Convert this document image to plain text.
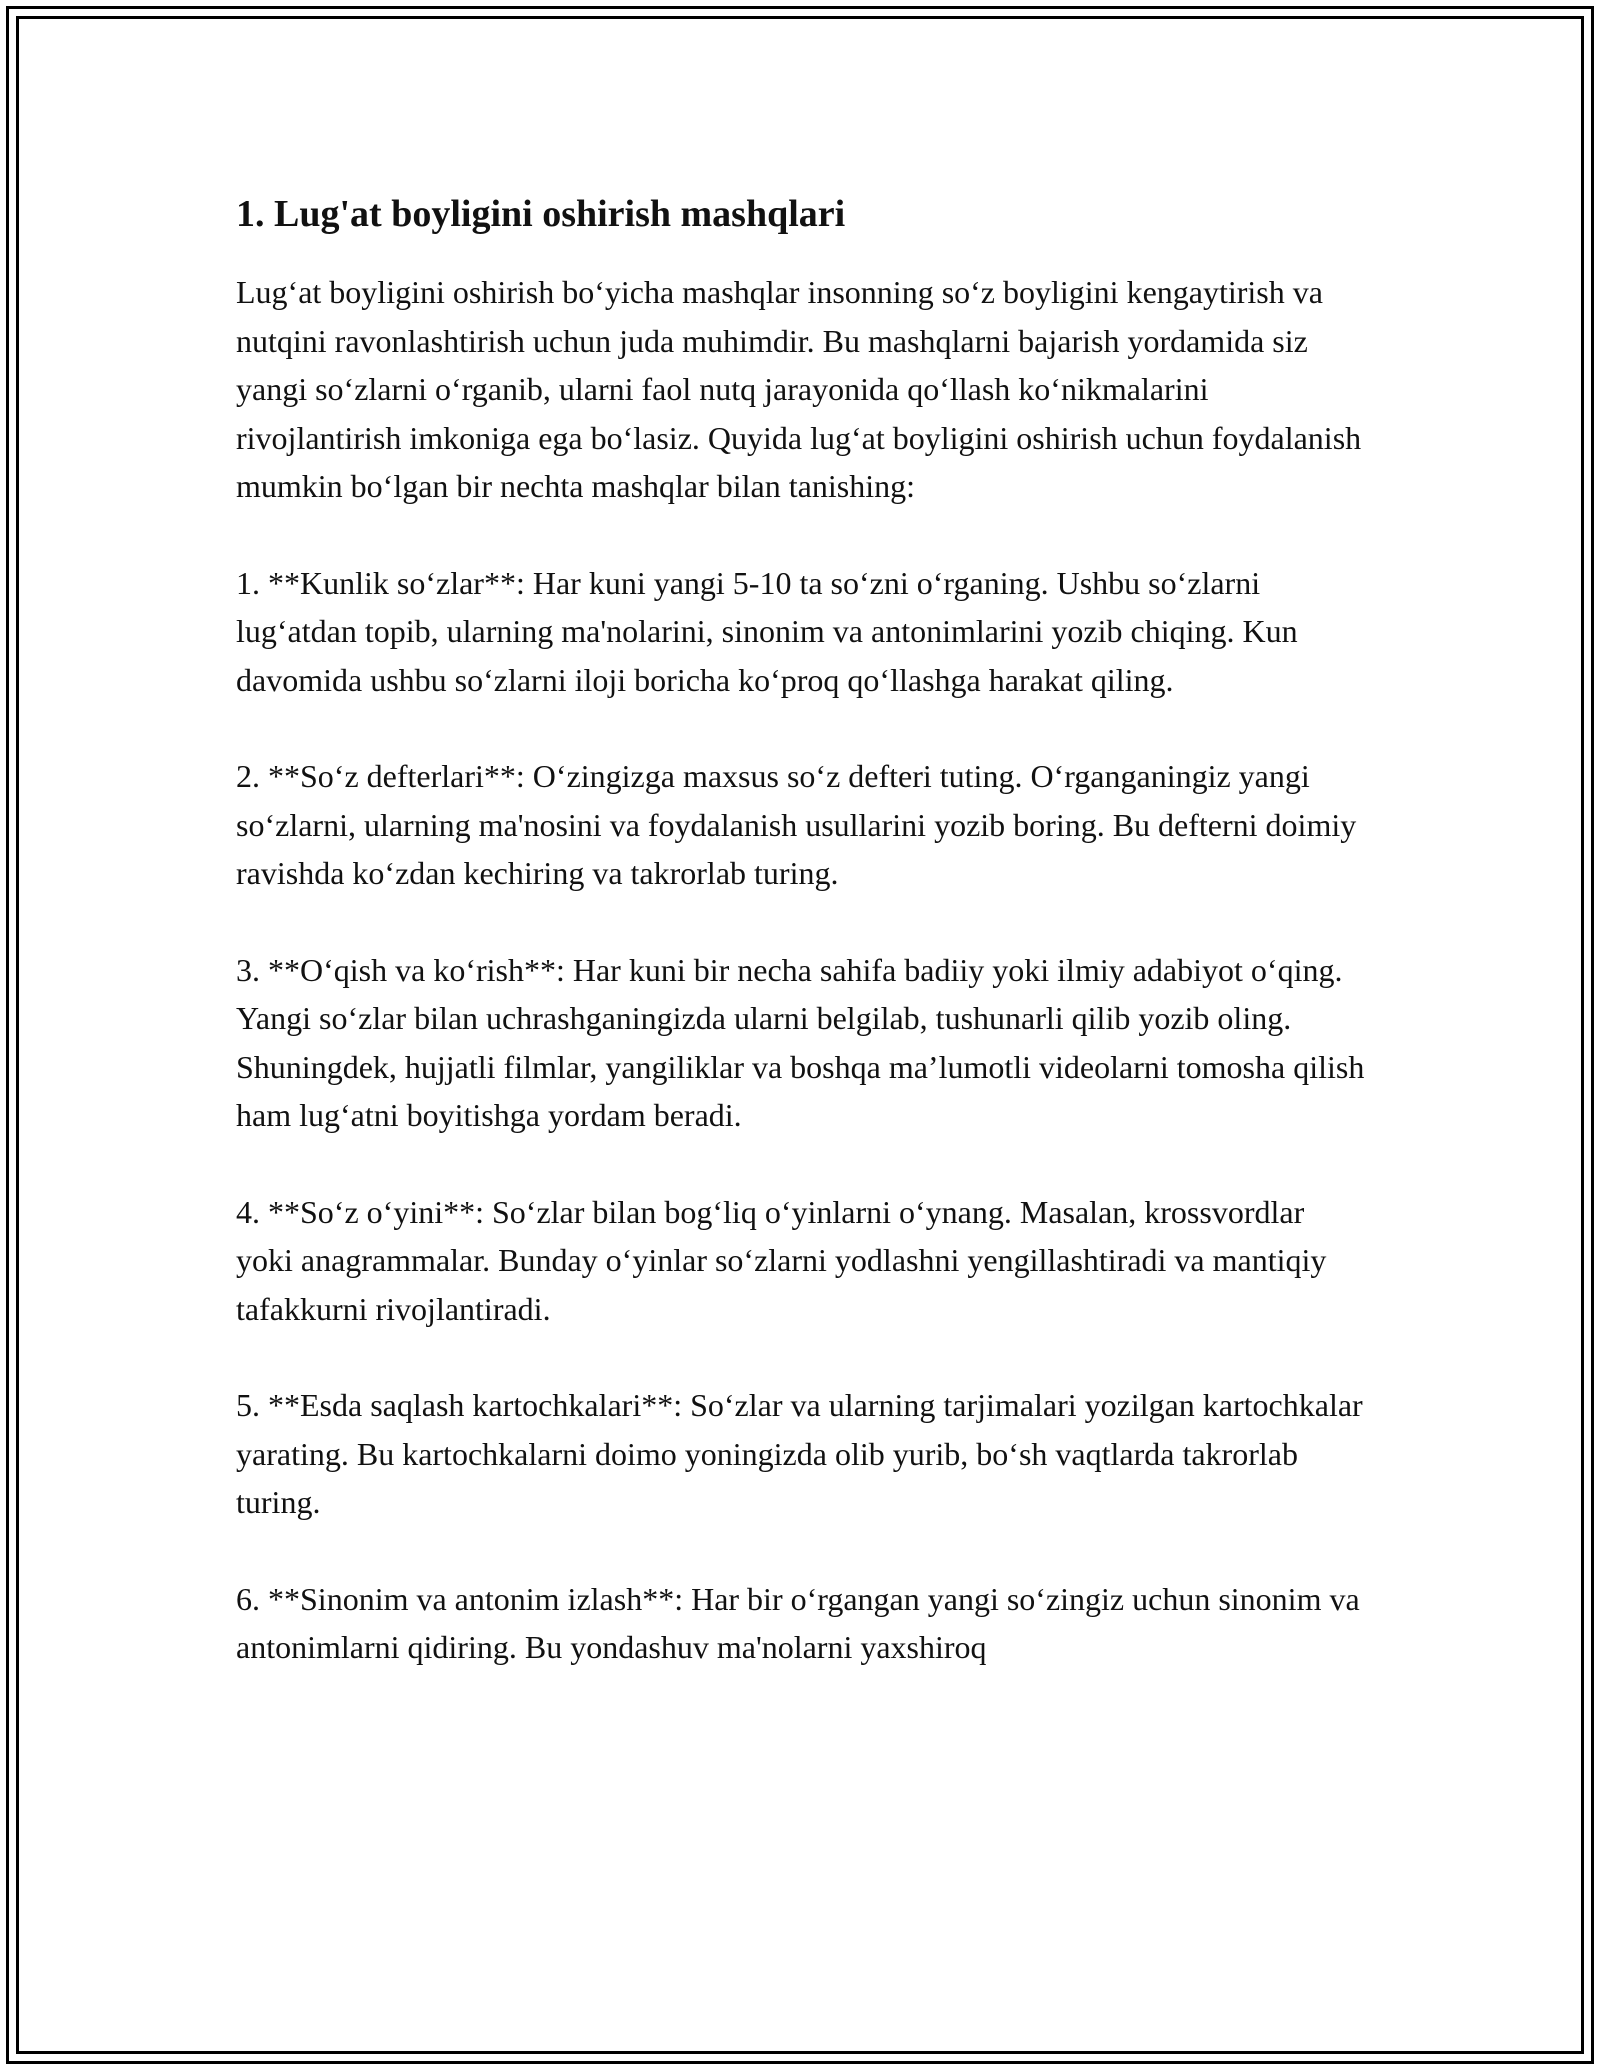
1. Lug'at boyligini oshirish mashqlari

Lug‘at boyligini oshirish bo‘yicha mashqlar insonning so‘z boyligini kengaytirish va nutqini ravonlashtirish uchun juda muhimdir. Bu mashqlarni bajarish yordamida siz yangi so‘zlarni o‘rganib, ularni faol nutq jarayonida qo‘llash ko‘nikmalarini rivojlantirish imkoniga ega bo‘lasiz. Quyida lug‘at boyligini oshirish uchun foydalanish mumkin bo‘lgan bir nechta mashqlar bilan tanishing:

1. **Kunlik so‘zlar**: Har kuni yangi 5-10 ta so‘zni o‘rganing. Ushbu so‘zlarni lug‘atdan topib, ularning ma'nolarini, sinonim va antonimlarini yozib chiqing. Kun davomida ushbu so‘zlarni iloji boricha ko‘proq qo‘llashga harakat qiling.

2. **So‘z defterlari**: O‘zingizga maxsus so‘z defteri tuting. O‘rganganingiz yangi so‘zlarni, ularning ma'nosini va foydalanish usullarini yozib boring. Bu defterni doimiy ravishda ko‘zdan kechiring va takrorlab turing.

3. **O‘qish va ko‘rish**: Har kuni bir necha sahifa badiiy yoki ilmiy adabiyot o‘qing. Yangi so‘zlar bilan uchrashganingizda ularni belgilab, tushunarli qilib yozib oling. Shuningdek, hujjatli filmlar, yangiliklar va boshqa ma’lumotli videolarni tomosha qilish ham lug‘atni boyitishga yordam beradi.

4. **So‘z o‘yini**: So‘zlar bilan bog‘liq o‘yinlarni o‘ynang. Masalan, krossvordlar yoki anagrammalar. Bunday o‘yinlar so‘zlarni yodlashni yengillashtiradi va mantiqiy tafakkurni rivojlantiradi.

5. **Esda saqlash kartochkalari**: So‘zlar va ularning tarjimalari yozilgan kartochkalar yarating. Bu kartochkalarni doimo yoningizda olib yurib, bo‘sh vaqtlarda takrorlab turing.

6. **Sinonim va antonim izlash**: Har bir o‘rgangan yangi so‘zingiz uchun sinonim va antonimlarni qidiring. Bu yondashuv ma'nolarni yaxshiroq
